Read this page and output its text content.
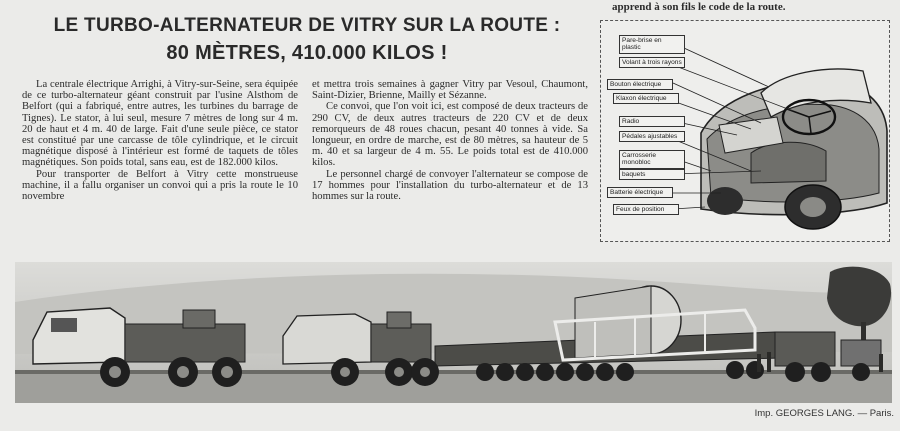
LE TURBO-ALTERNATEUR DE VITRY SUR LA ROUTE :
80 MÈTRES, 410.000 KILOS !

La centrale électrique Arrighi, à Vitry-sur-Seine, sera équipée de ce turbo-alternateur géant construit par l'usine Alsthom de Belfort (qui a fabriqué, entre autres, les turbines du barrage de Tignes). Le stator, à lui seul, mesure 7 mètres de long sur 4 m. 20 de haut et 4 m. 40 de large. Fait d'une seule pièce, ce stator est constitué par une carcasse de tôle cylindrique, et le circuit magnétique disposé à l'intérieur est formé de taquets de tôles magnétiques. Son poids total, sans eau, est de 182.000 kilos.

Pour transporter de Belfort à Vitry cette monstrueuse machine, il a fallu organiser un convoi qui a pris la route le 10 novembre

et mettra trois semaines à gagner Vitry par Vesoul, Chaumont, Saint-Dizier, Brienne, Mailly et Sézanne.

Ce convoi, que l'on voit ici, est composé de deux tracteurs de 290 CV, de deux autres tracteurs de 220 CV et de deux remorqueurs de 48 roues chacun, pesant 40 tonnes à vide. Sa longueur, en ordre de marche, est de 80 mètres, sa hauteur de 5 m. 40 et sa largeur de 4 m. 55. Le poids total est de 410.000 kilos.

Le personnel chargé de convoyer l'alternateur se compose de 17 hommes pour l'installation du turbo-alternateur et de 13 hommes sur la route.

apprend à son fils le code de la route.
Pare-brise en plastic
Volant à trois rayons
Bouton électrique
Klaxon électrique
Radio
Pédales ajustables
Carrosserie monobloc
baquets
Batterie électrique
Feux de position
Imp. GEORGES LANG. — Paris.
